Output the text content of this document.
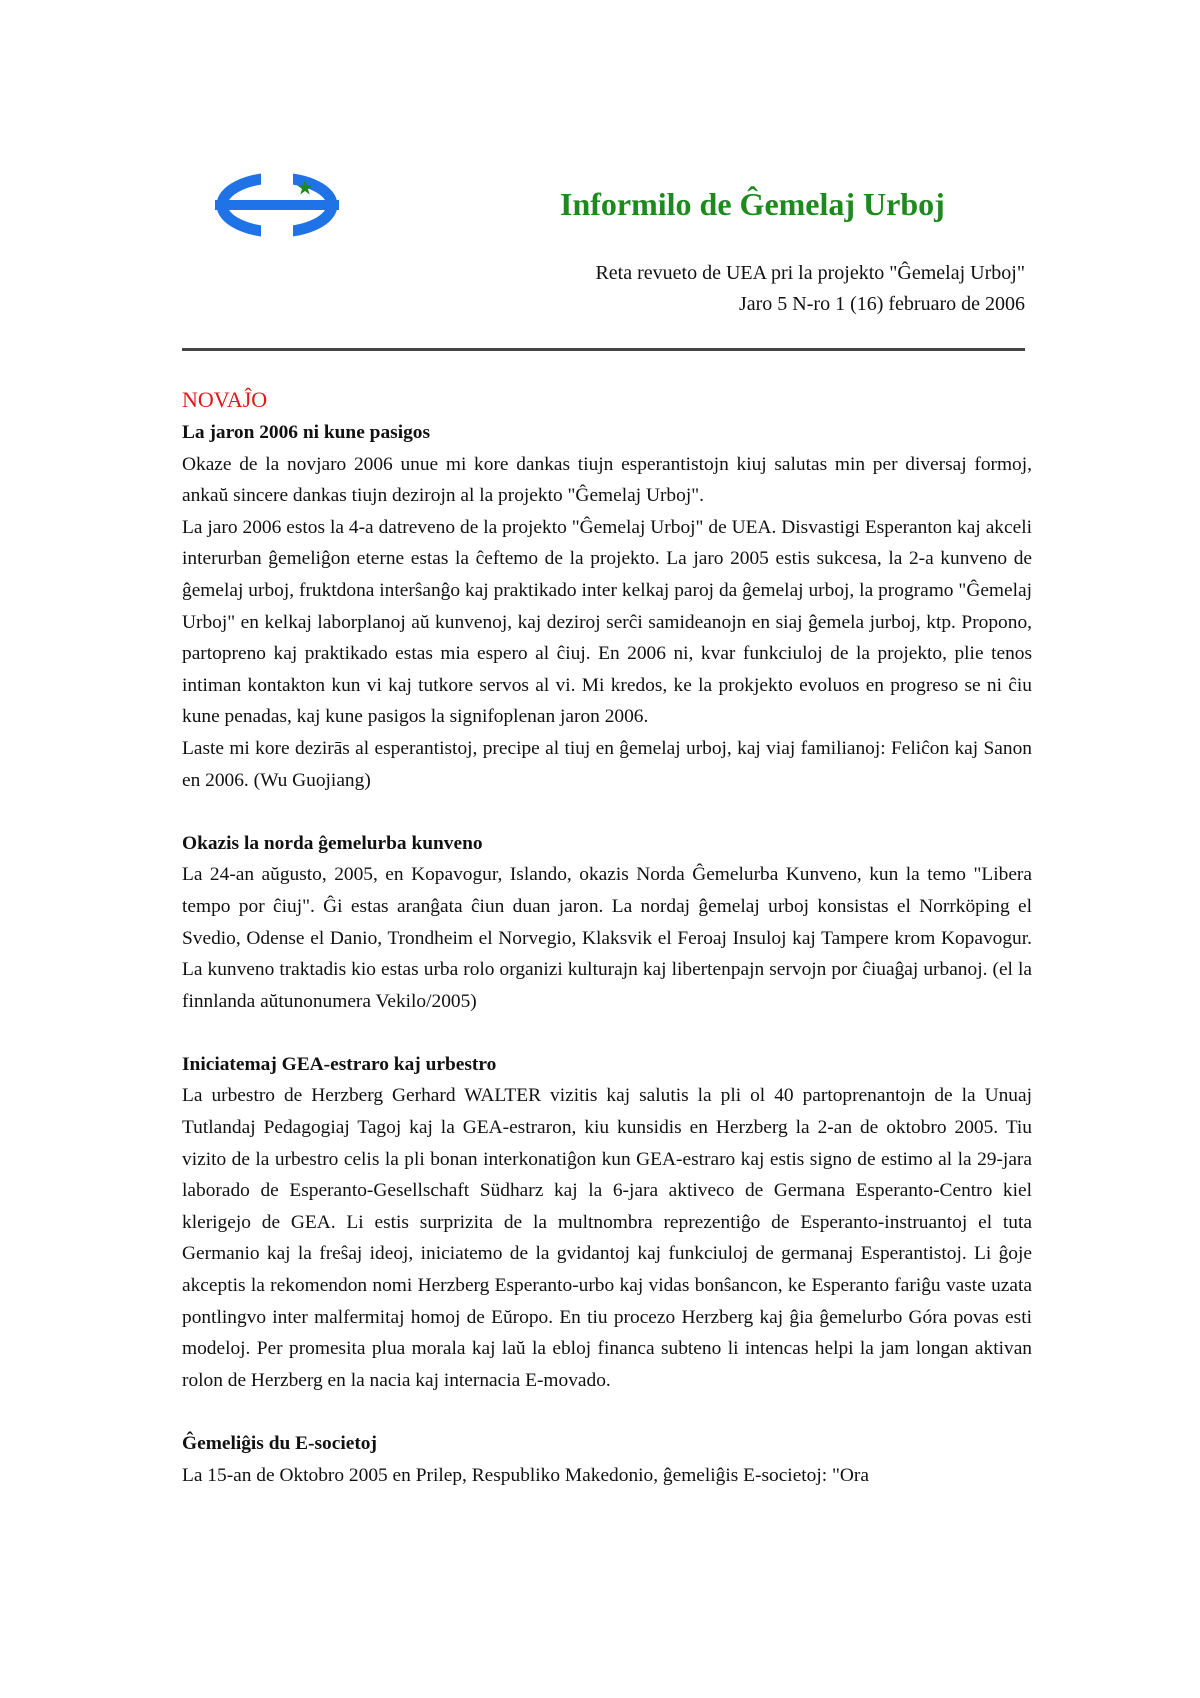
Informilo de Ĝemelaj Urboj
Reta revueto de UEA pri la projekto "Ĝemelaj Urboj"
Jaro 5 N-ro 1 (16) februaro de 2006
NOVAĴO
La jaron 2006 ni kune pasigos
Okaze de la novjaro 2006 unue mi kore dankas tiujn esperantistojn kiuj salutas min per diversaj formoj, ankaŭ sincere dankas tiujn dezirojn al la projekto "Ĝemelaj Urboj".
La jaro 2006 estos la 4-a datreveno de la projekto "Ĝemelaj Urboj" de UEA. Disvastigi Esperanton kaj akceli interurban ĝemeliĝon eterne estas la ĉeftemo de la projekto. La jaro 2005 estis sukcesa, la 2-a kunveno de ĝemelaj urboj, fruktdona interŝanĝo kaj praktikado inter kelkaj paroj da ĝemelaj urboj, la programo "Ĝemelaj Urboj" en kelkaj laborplanoj aŭ kunvenoj, kaj deziroj serĉi samideanojn en siaj ĝemela jurboj, ktp. Propono, partopreno kaj praktikado estas mia espero al ĉiuj. En 2006 ni, kvar funkciuloj de la projekto, plie tenos intiman kontakton kun vi kaj tutkore servos al vi. Mi kredos, ke la prokjekto evoluos en progreso se ni ĉiu kune penadas, kaj kune pasigos la signifoplenan jaron 2006.
Laste mi kore dezirās al esperantistoj, precipe al tiuj en ĝemelaj urboj, kaj viaj familianoj: Feliĉon kaj Sanon en 2006. (Wu Guojiang)
Okazis la norda ĝemelurba kunveno
La 24-an aŭgusto, 2005, en Kopavogur, Islando, okazis Norda Ĝemelurba Kunveno, kun la temo "Libera tempo por ĉiuj". Ĝi estas aranĝata ĉiun duan jaron. La nordaj ĝemelaj urboj konsistas el Norrköping el Svedio, Odense el Danio, Trondheim el Norvegio, Klaksvik el Feroaj Insuloj kaj Tampere krom Kopavogur. La kunveno traktadis kio estas urba rolo organizi kulturajn kaj libertenpajn servojn por ĉiuaĝaj urbanoj. (el la finnlanda aŭtunonumera Vekilo/2005)
Iniciatemaj GEA-estraro kaj urbestro
La urbestro de Herzberg Gerhard WALTER vizitis kaj salutis la pli ol 40 partoprenantojn de la Unuaj Tutlandaj Pedagogiaj Tagoj kaj la GEA-estraron, kiu kunsidis en Herzberg la 2-an de oktobro 2005. Tiu vizito de la urbestro celis la pli bonan interkonatiĝon kun GEA-estraro kaj estis signo de estimo al la 29-jara laborado de Esperanto-Gesellschaft Südharz kaj la 6-jara aktiveco de Germana Esperanto-Centro kiel klerigejo de GEA. Li estis surprizita de la multnombra reprezentiĝo de Esperanto-instruantoj el tuta Germanio kaj la freŝaj ideoj, iniciatemo de la gvidantoj kaj funkciuloj de germanaj Esperantistoj. Li ĝoje akceptis la rekomendon nomi Herzberg Esperanto-urbo kaj vidas bonŝancon, ke Esperanto fariĝu vaste uzata pontlingvo inter malfermitaj homoj de Eŭropo. En tiu procezo Herzberg kaj ĝia ĝemelurbo Góra povas esti modeloj. Per promesita plua morala kaj laŭ la ebloj financa subteno li intencas helpi la jam longan aktivan rolon de Herzberg en la nacia kaj internacia E-movado.
Ĝemeliĝis du E-societoj
La 15-an de Oktobro 2005 en Prilep, Respubliko Makedonio, ĝemeliĝis E-societoj: "Ora
